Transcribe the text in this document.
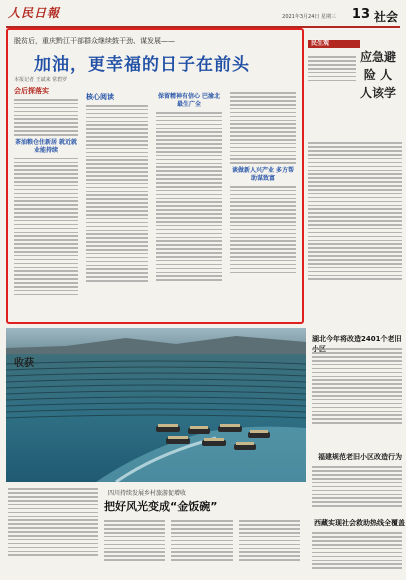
人民日報	2021年3月24日 星期三 13 社会
脱贫后，重庆黔江干部群众继续鼓干劲、谋发展——
加油，更幸福的日子在前头
本报记者 王斌来 常碧罗
会后探落实
茶油粮仓住新居 就近就业能持续
核心阅读	保留精神有信心 巴渝北最生广全
谈做新人兴产业 多方帮助谋致富
民生观
应急避险 人人该学
收获
湖北今年将改造2401个老旧
福建规范老旧小区改造行为
西藏实现社会救助热线全覆盖
四川持续发展乡村旅游促增收
把好风光变成“金饭碗”
